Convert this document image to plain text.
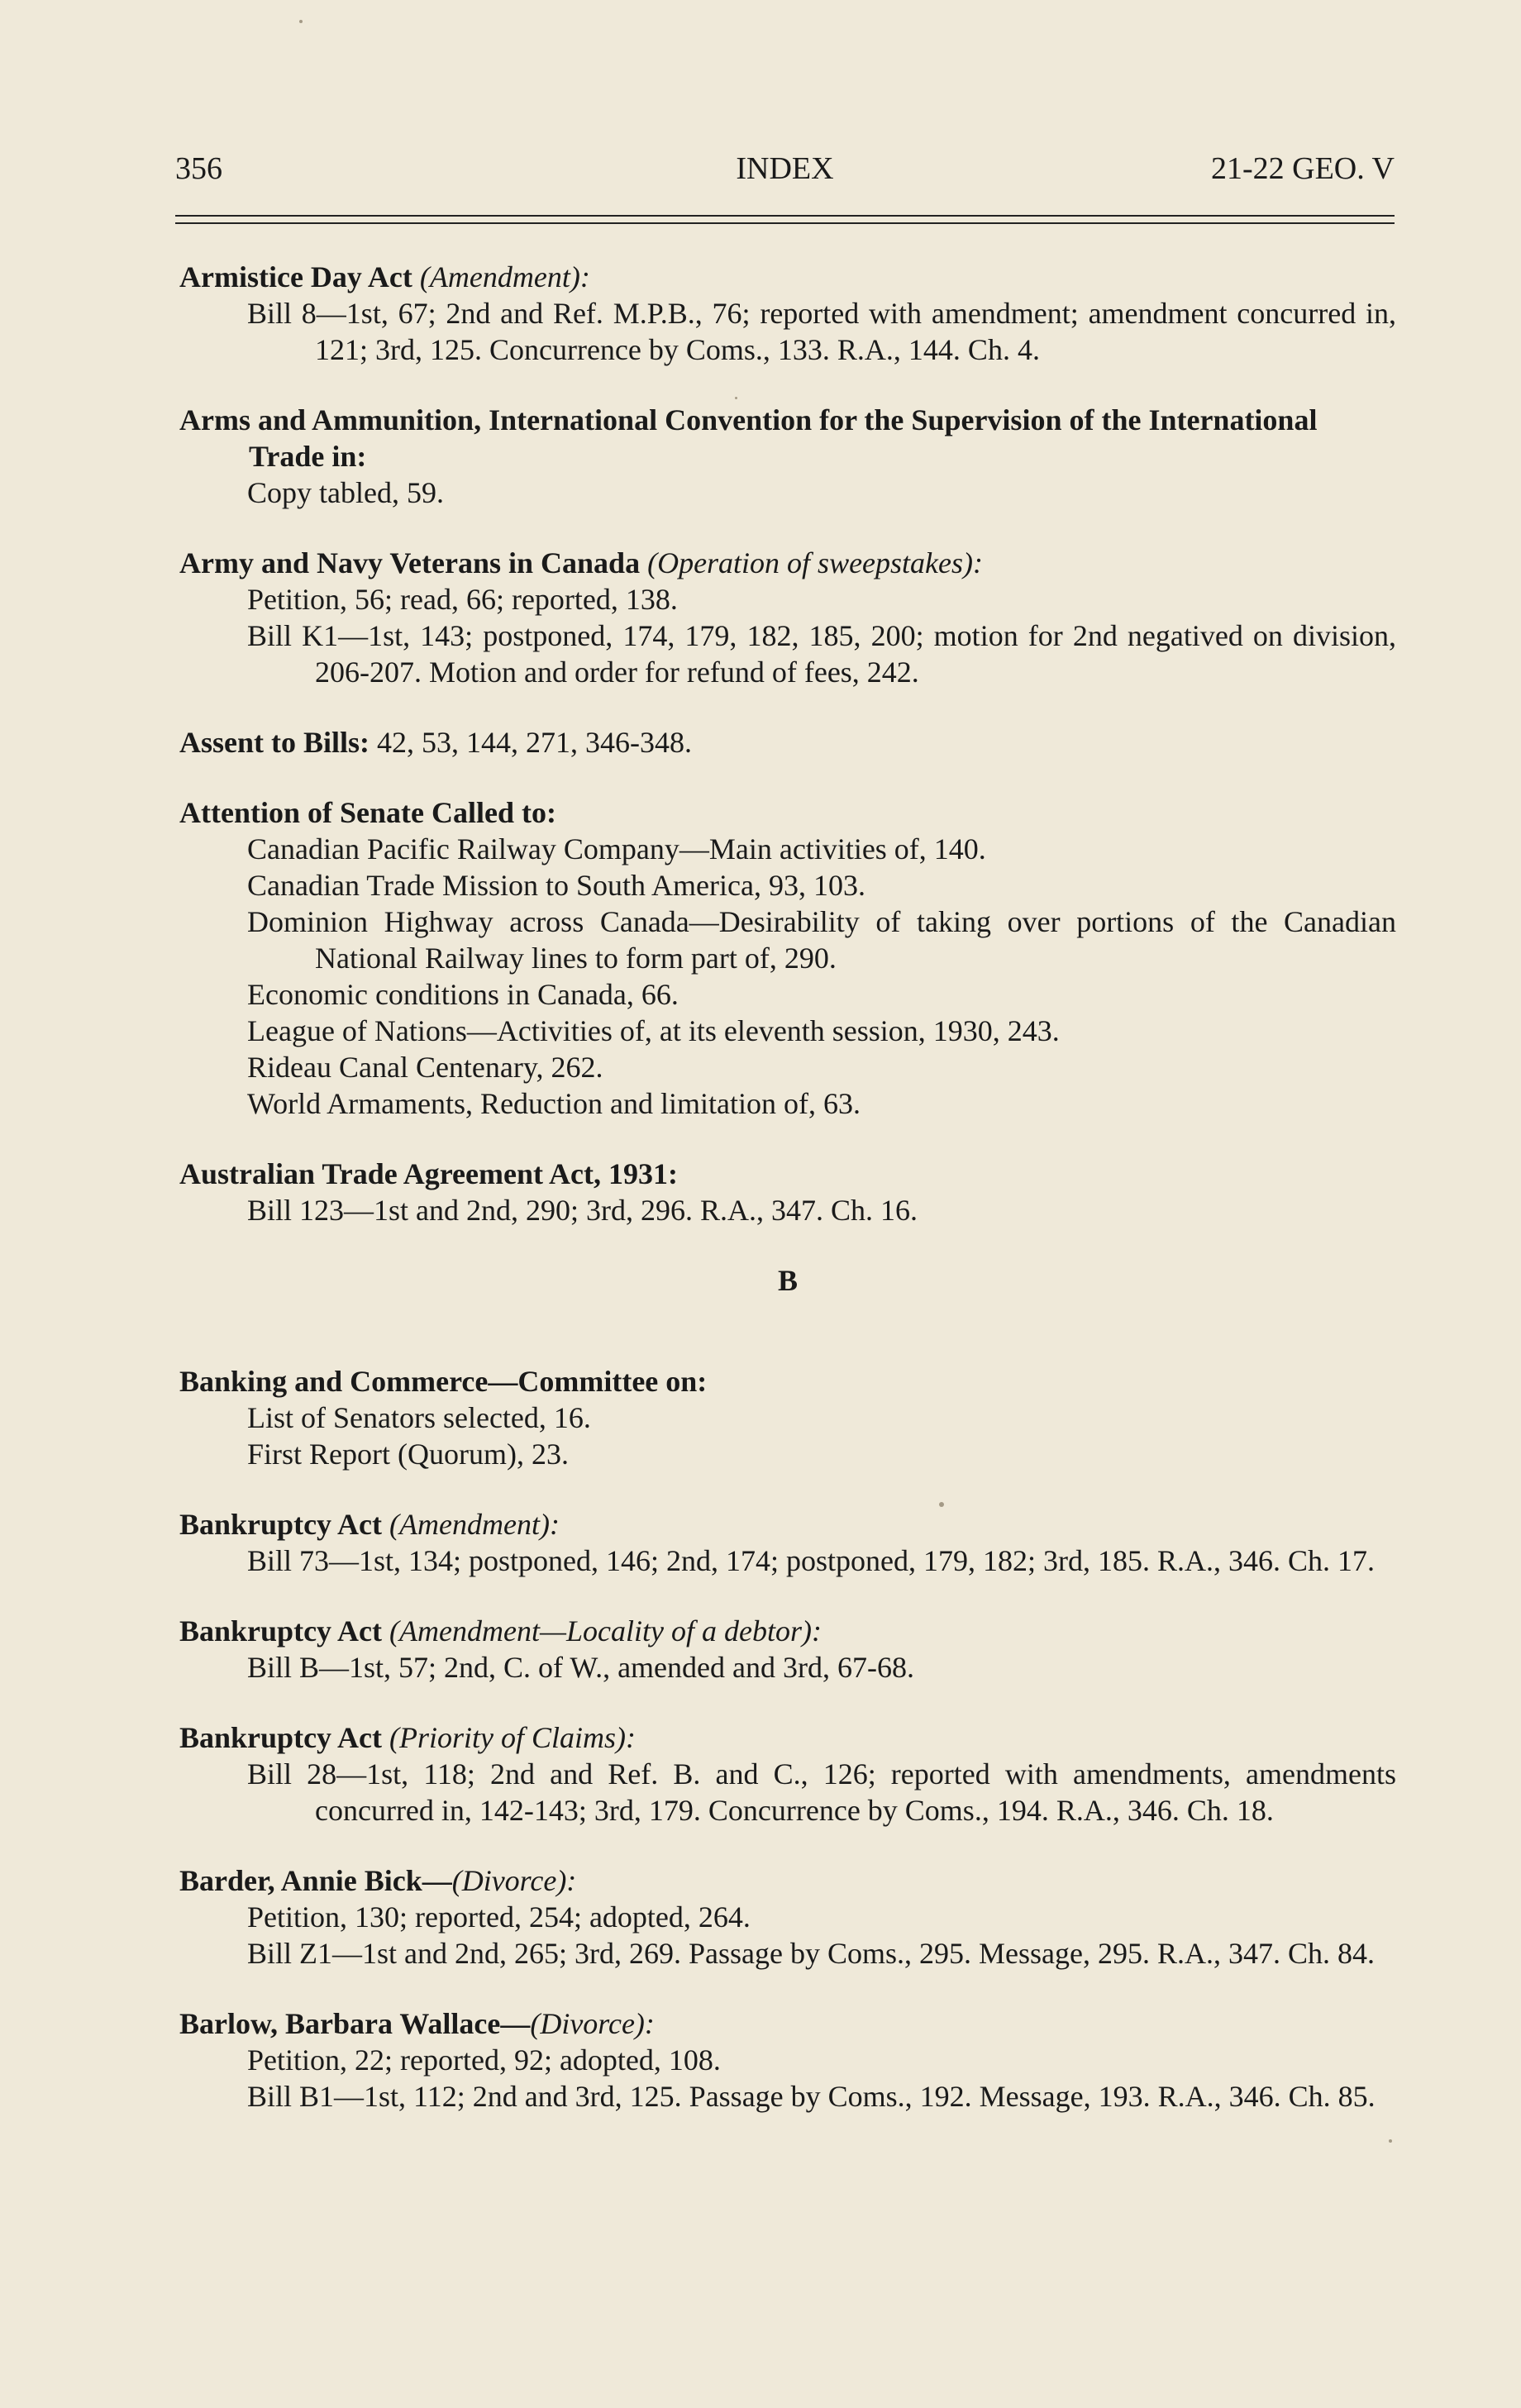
356	INDEX	21-22 GEO. V

Armistice Day Act (Amendment):

Bill 8—1st, 67; 2nd and Ref. M.P.B., 76; reported with amendment; amendment concurred in, 121; 3rd, 125. Concurrence by Coms., 133. R.A., 144. Ch. 4.

Arms and Ammunition, International Convention for the Supervision of the International Trade in:

Copy tabled, 59.

Army and Navy Veterans in Canada (Operation of sweepstakes):

Petition, 56; read, 66; reported, 138.

Bill K1—1st, 143; postponed, 174, 179, 182, 185, 200; motion for 2nd negatived on division, 206-207. Motion and order for refund of fees, 242.

Assent to Bills: 42, 53, 144, 271, 346-348.

Attention of Senate Called to:

Canadian Pacific Railway Company—Main activities of, 140.

Canadian Trade Mission to South America, 93, 103.

Dominion Highway across Canada—Desirability of taking over portions of the Canadian National Railway lines to form part of, 290.

Economic conditions in Canada, 66.

League of Nations—Activities of, at its eleventh session, 1930, 243.

Rideau Canal Centenary, 262.

World Armaments, Reduction and limitation of, 63.

Australian Trade Agreement Act, 1931:

Bill 123—1st and 2nd, 290; 3rd, 296. R.A., 347. Ch. 16.

B

Banking and Commerce—Committee on:

List of Senators selected, 16.

First Report (Quorum), 23.

Bankruptcy Act (Amendment):

Bill 73—1st, 134; postponed, 146; 2nd, 174; postponed, 179, 182; 3rd, 185. R.A., 346. Ch. 17.

Bankruptcy Act (Amendment—Locality of a debtor):

Bill B—1st, 57; 2nd, C. of W., amended and 3rd, 67-68.

Bankruptcy Act (Priority of Claims):

Bill 28—1st, 118; 2nd and Ref. B. and C., 126; reported with amendments, amendments concurred in, 142-143; 3rd, 179. Concurrence by Coms., 194. R.A., 346. Ch. 18.

Barder, Annie Bick—(Divorce):

Petition, 130; reported, 254; adopted, 264.

Bill Z1—1st and 2nd, 265; 3rd, 269. Passage by Coms., 295. Message, 295. R.A., 347. Ch. 84.

Barlow, Barbara Wallace—(Divorce):

Petition, 22; reported, 92; adopted, 108.

Bill B1—1st, 112; 2nd and 3rd, 125. Passage by Coms., 192. Message, 193. R.A., 346. Ch. 85.
